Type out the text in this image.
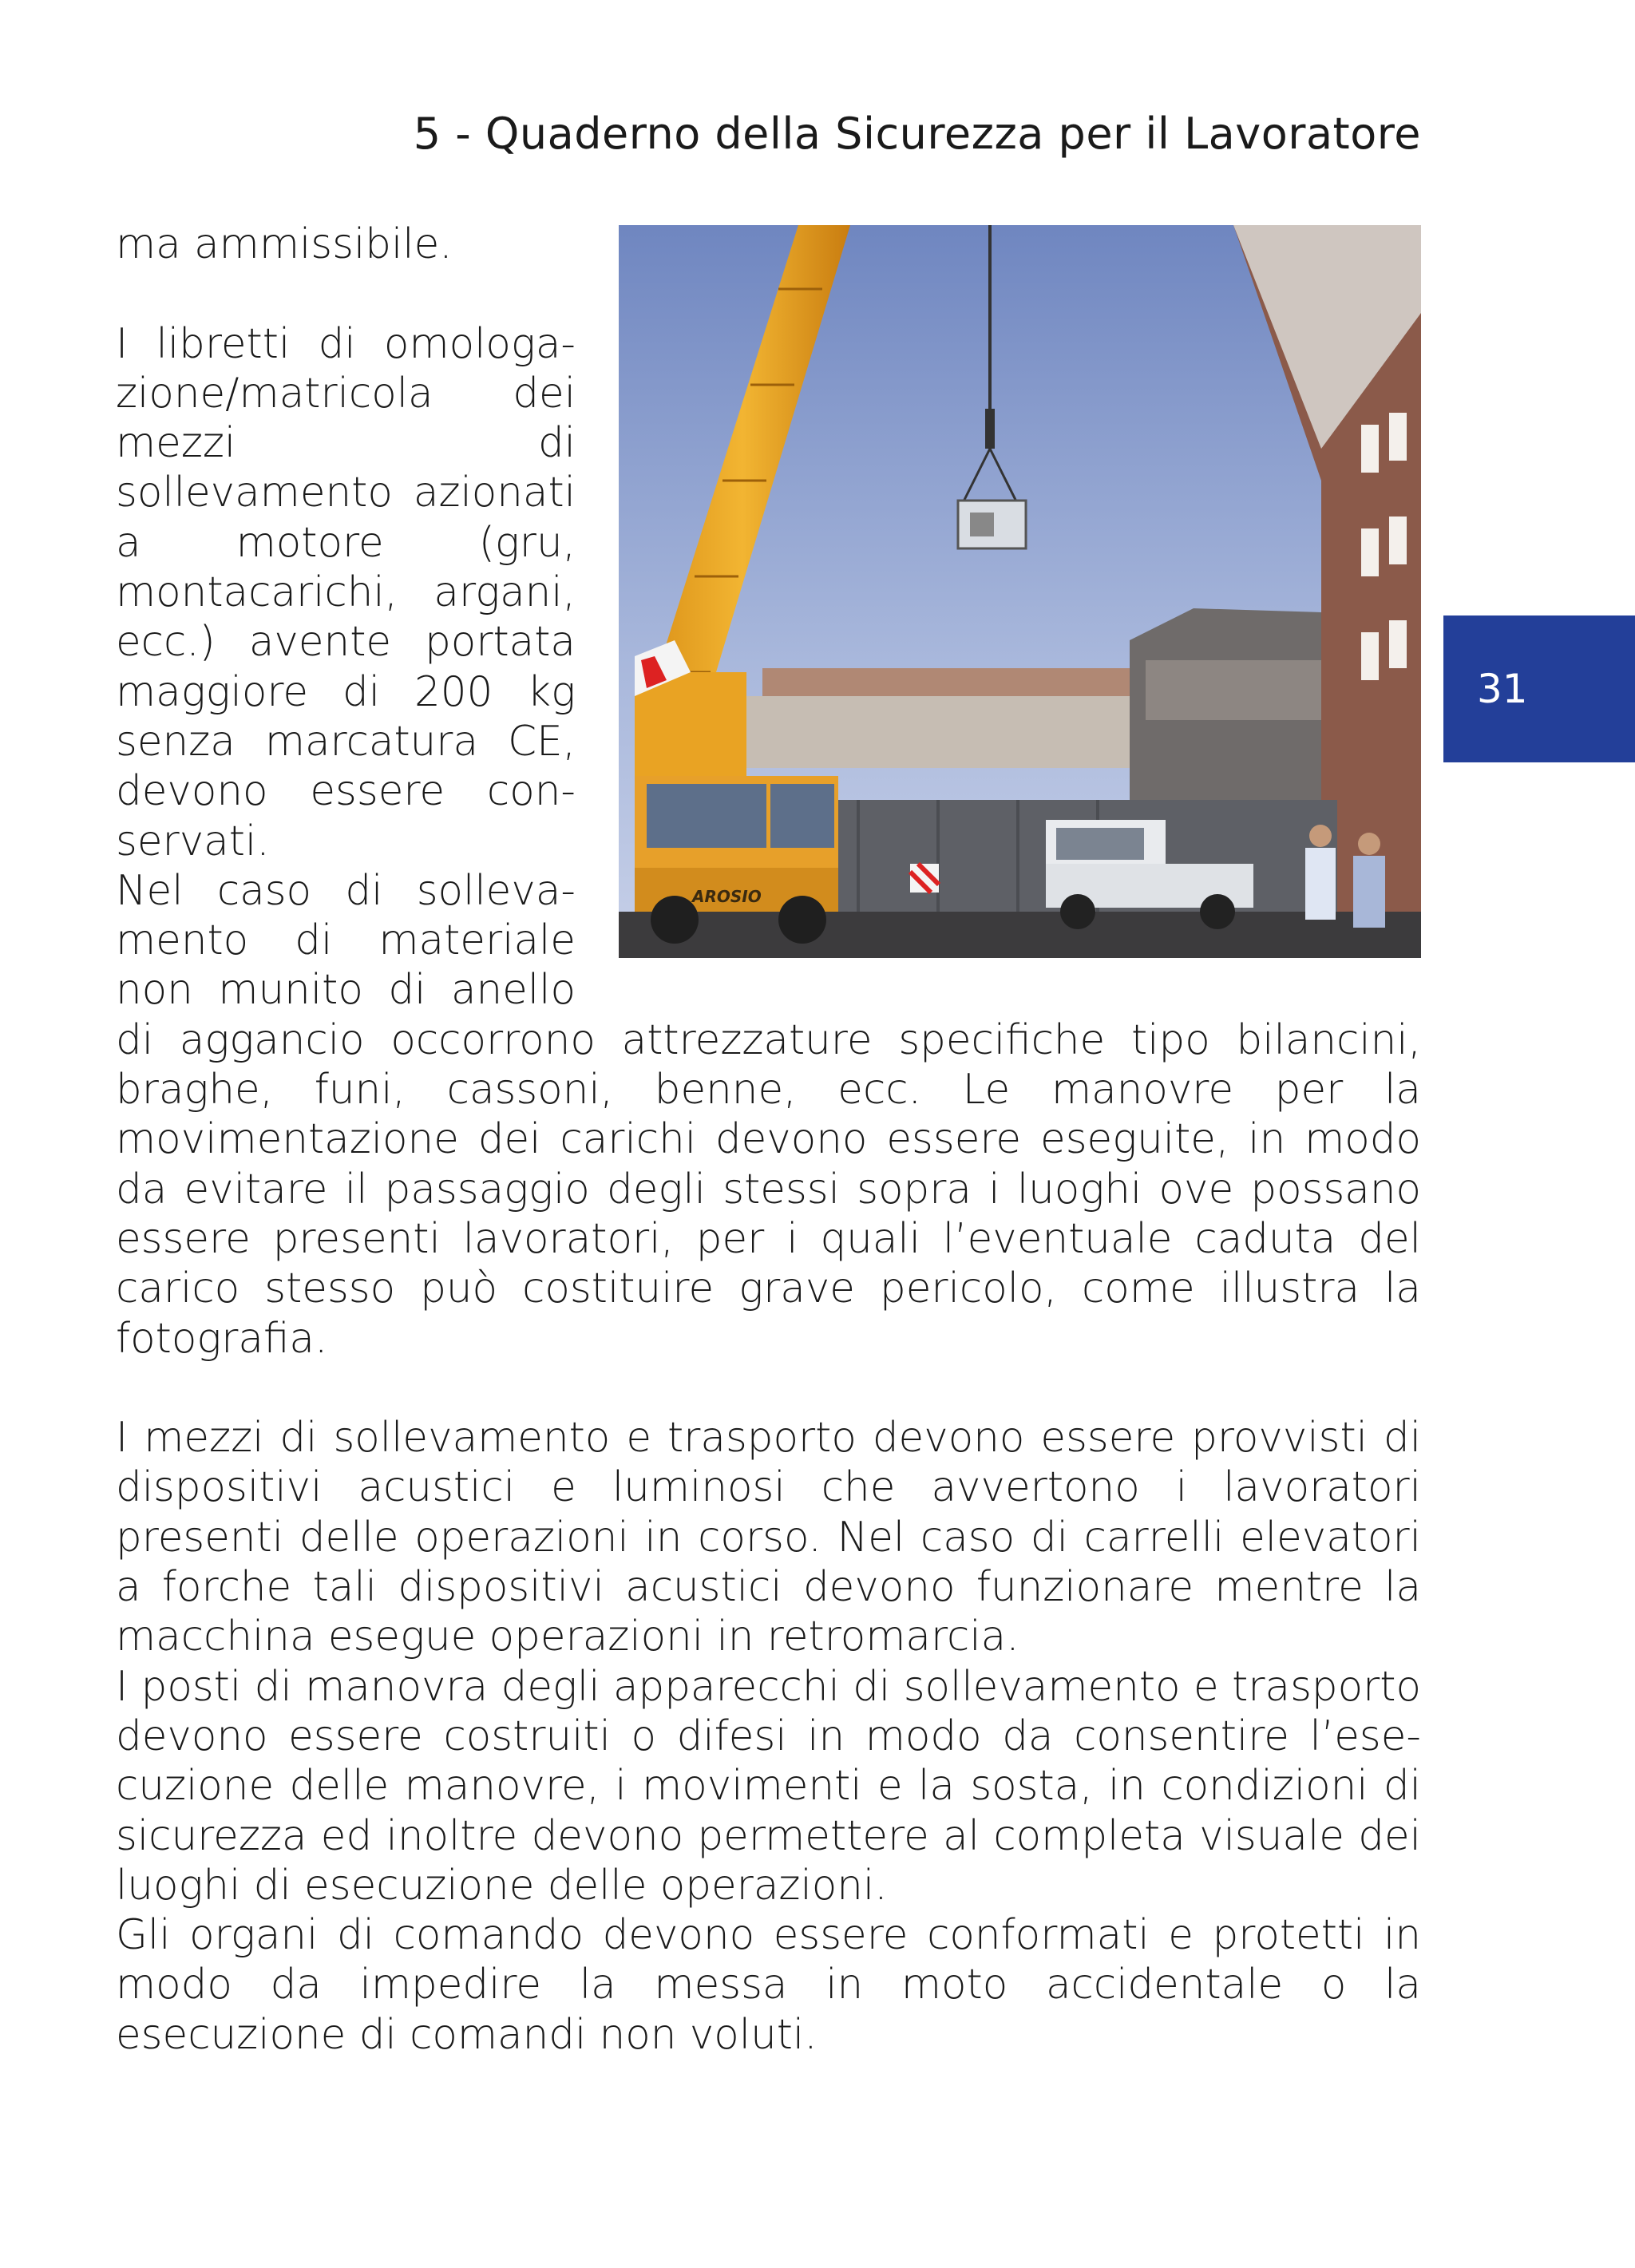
5 - Quaderno della Sicurezza per il Lavoratore
31
AROSIO

ma ammissibile.

I libretti di omologazione/matricola dei mezzi di sollevamento azionati a motore (gru, montacarichi, argani, ecc.) avente portata maggiore di 200 kg senza marcatura CE, devono essere conservati.

Nel caso di sollevamento di materiale non munito di anello di aggancio occorrono attrezzature specifiche tipo bilancini, braghe, funi, cassoni, benne, ecc. Le manovre per la movimentazione dei carichi devono essere eseguite, in modo da evitare il passaggio degli stessi sopra i luoghi ove possano essere presenti lavoratori, per i quali l’eventuale caduta del carico stesso può costituire grave pericolo, come illustra la fotografia.

I mezzi di sollevamento e trasporto devono essere provvisti di dispositivi acustici e luminosi che avvertono i lavoratori presenti delle operazioni in corso. Nel caso di carrelli elevatori a forche tali dispositivi acustici devono funzionare mentre la macchina esegue operazioni in retromarcia.

I posti di manovra degli apparecchi di sollevamento e trasporto devono essere costruiti o difesi in modo da consentire l’esecuzione delle manovre, i movimenti e la sosta, in condizioni di sicurezza ed inoltre devono permettere al completa visuale dei luoghi di esecuzione delle operazioni.

Gli organi di comando devono essere conformati e protetti in modo da impedire la messa in moto accidentale o la esecuzione di comandi non voluti.
